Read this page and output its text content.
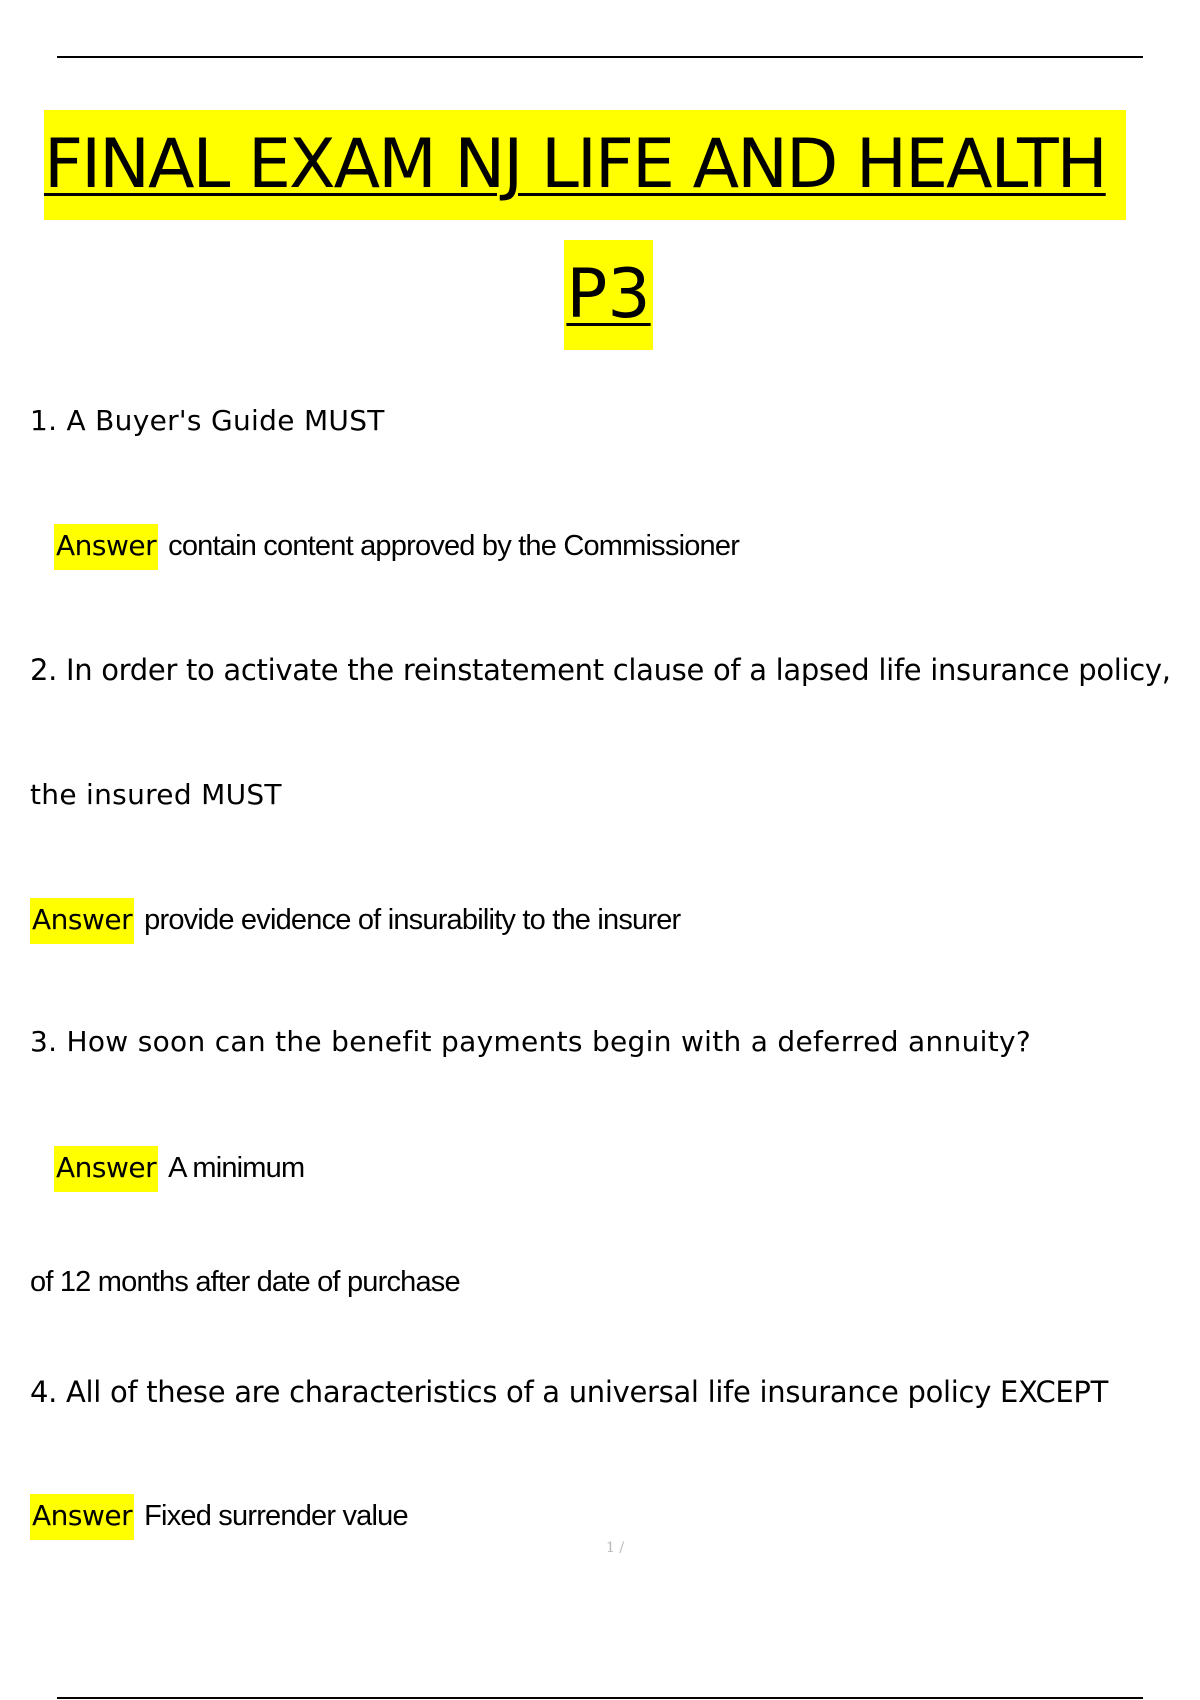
FINAL EXAM NJ LIFE AND HEALTH
P3
1. A Buyer's Guide MUST
Answer contain content approved by the Commissioner
2. In order to activate the reinstatement clause of a lapsed life insurance policy,
the insured MUST
Answer provide evidence of insurability to the insurer
3. How soon can the benefit payments begin with a deferred annuity?
Answer A minimum
of 12 months after date of purchase
4. All of these are characteristics of a universal life insurance policy EXCEPT
Answer Fixed surrender value
1 /
